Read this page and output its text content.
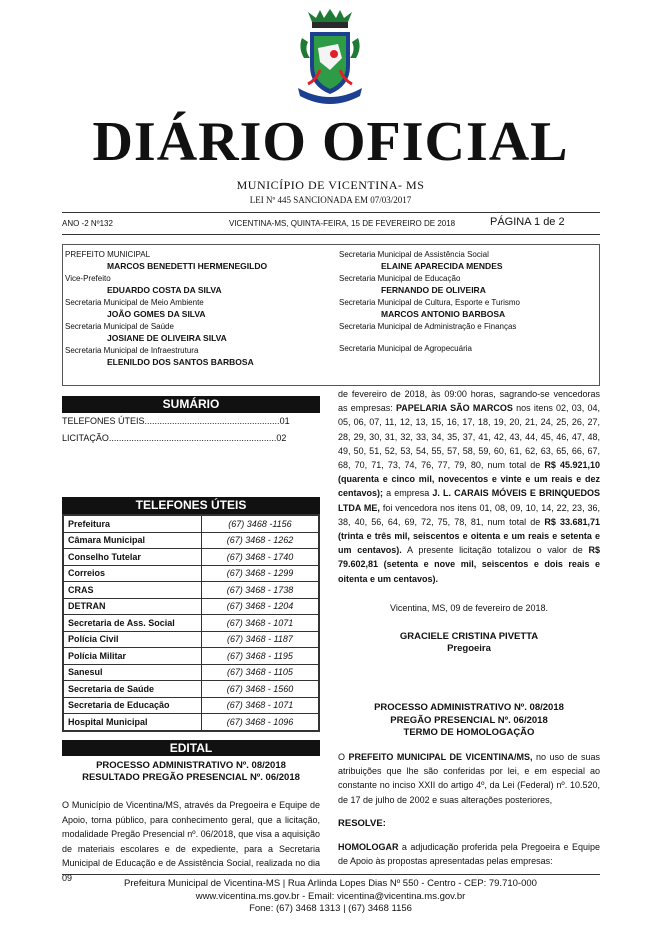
DIÁRIO OFICIAL
MUNICÍPIO DE VICENTINA- MS
LEI Nº 445 SANCIONADA EM 07/03/2017
ANO -2 Nº132	VICENTINA-MS, QUINTA-FEIRA, 15 DE FEVEREIRO DE 2018	PÁGINA 1 de 2
PREFEITO MUNICIPAL
MARCOS BENEDETTI HERMENEGILDO
Vice-Prefeito
EDUARDO COSTA DA SILVA
Secretaria Municipal de Meio Ambiente
JOÃO GOMES DA SILVA
Secretaria Municipal de Saúde
JOSIANE DE OLIVEIRA SILVA
Secretaria Municipal de Infraestrutura
ELENILDO DOS SANTOS BARBOSA
Secretaria Municipal de Assistência Social
ELAINE APARECIDA MENDES
Secretaria Municipal de Educação
FERNANDO DE OLIVEIRA
Secretaria Municipal de Cultura, Esporte e Turismo
MARCOS ANTONIO BARBOSA
Secretaria Municipal de Administração e Finanças
Secretaria Municipal de Agropecuária
SUMÁRIO
TELEFONES ÚTEIS......................................................01
LICITAÇÃO...................................................................02
TELEFONES ÚTEIS
Prefeitura	(67) 3468 -1156
Câmara Municipal	(67) 3468 - 1262
Conselho Tutelar	(67) 3468 - 1740
Correios	(67) 3468 - 1299
CRAS	(67) 3468 - 1738
DETRAN	(67) 3468 - 1204
Secretaria de Ass. Social	(67) 3468 - 1071
Polícia Civil	(67) 3468 - 1187
Polícia Militar	(67) 3468 - 1195
Sanesul	(67) 3468 - 1105
Secretaria de Saúde	(67) 3468 - 1560
Secretaria de Educação	(67) 3468 - 1071
Hospital Municipal	(67) 3468 - 1096
EDITAL
PROCESSO ADMINISTRATIVO Nº. 08/2018
RESULTADO PREGÃO PRESENCIAL Nº. 06/2018
O Município de Vicentina/MS, através da Pregoeira e Equipe de Apoio, torna público, para conhecimento geral, que a licitação, modalidade Pregão Presencial nº. 06/2018, que visa a aquisição de materiais escolares e de expediente, para a Secretaria Municipal de Educação e de Assistência Social, realizada no dia 09
de fevereiro de 2018, às 09:00 horas, sagrando-se vencedoras as empresas: PAPELARIA SÃO MARCOS nos itens 02, 03, 04, 05, 06, 07, 11, 12, 13, 15, 16, 17, 18, 19, 20, 21, 24, 25, 26, 27, 28, 29, 30, 31, 32, 33, 34, 35, 37, 41, 42, 43, 44, 45, 46, 47, 48, 49, 50, 51, 52, 53, 54, 55, 57, 58, 59, 60, 61, 62, 63, 65, 66, 67, 68, 70, 71, 73, 74, 76, 77, 79, 80, num total de R$ 45.921,10 (quarenta e cinco mil, novecentos e vinte e um reais e dez centavos); a empresa J. L. CARAIS MÓVEIS E BRINQUEDOS LTDA ME, foi vencedora nos itens 01, 08, 09, 10, 14, 22, 23, 36, 38, 40, 56, 64, 69, 72, 75, 78, 81, num total de R$ 33.681,71 (trinta e três mil, seiscentos e oitenta e um reais e setenta e um centavos). A presente licitação totalizou o valor de R$ 79.602,81 (setenta e nove mil, seiscentos e dois reais e oitenta e um centavos).
Vicentina, MS, 09 de fevereiro de 2018.
GRACIELE CRISTINA PIVETTA
Pregoeira
PROCESSO ADMINISTRATIVO Nº. 08/2018
PREGÃO PRESENCIAL Nº. 06/2018
TERMO DE HOMOLOGAÇÃO
O PREFEITO MUNICIPAL DE VICENTINA/MS, no uso de suas atribuições que lhe são conferidas por lei, e em especial ao constante no inciso XXII do artigo 4º, da Lei (Federal) nº. 10.520, de 17 de julho de 2002 e suas alterações posteriores,
RESOLVE:
HOMOLOGAR a adjudicação proferida pela Pregoeira e Equipe de Apoio às propostas apresentadas pelas empresas:
Prefeitura Municipal de Vicentina-MS | Rua Arlinda Lopes Dias Nº 550 - Centro - CEP: 79.710-000
www.vicentina.ms.gov.br - Email: vicentina@vicentina.ms.gov.br
Fone: (67) 3468 1313 | (67) 3468 1156
